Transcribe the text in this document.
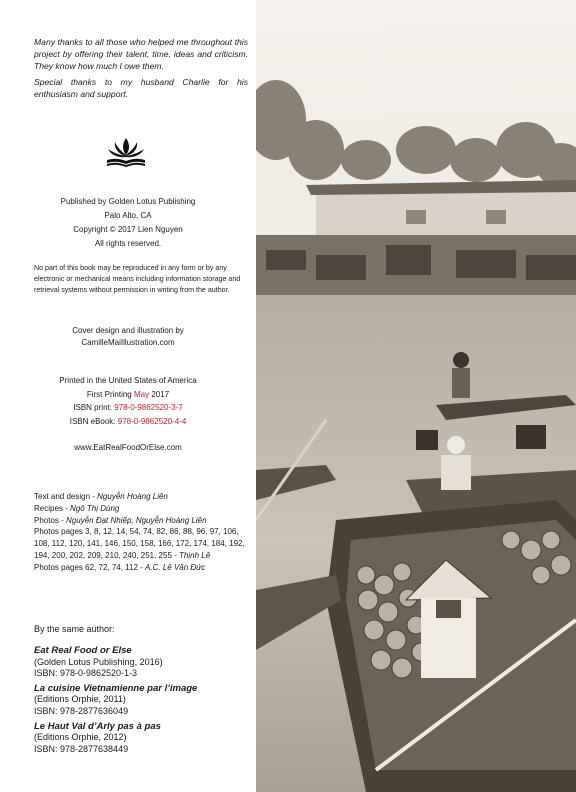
Many thanks to all those who helped me throughout this project by offering their talent, time, ideas and criticism. They know how much I owe them.

Special thanks to my husband Charlie for his enthusiasm and support.

Published by Golden Lotus Publishing
Palo Alto, CA
Copyright © 2017 Lien Nguyen
All rights reserved.
No part of this book may be reproduced in any form or by any electronic or mechanical means including information storage and retrieval systems without permission in writing from the author.
Cover design and illustration by
CamilleMaiIllustration.com
Printed in the United States of America
First Printing May 2017
ISBN print: 978-0-9862520-3-7
ISBN eBook: 978-0-9862520-4-4
www.EatRealFoodOrElse.com
Text and design - Nguyễn Hoàng Liên
Recipes - Ngô Thị Dùng
Photos - Nguyễn Đạt Nhiếp, Nguyễn Hoàng Liên
Photos pages 3, 8, 12, 14, 54, 74, 82, 86, 88, 96, 97, 106, 108, 112, 120, 141, 146, 150, 158, 166, 172, 174, 184, 192, 194, 200, 202, 209, 210, 240, 251, 255 - Thịnh Lê
Photos pages 62, 72, 74, 112 - A.C. Lê Văn Đức
By the same author:
Eat Real Food or Else
(Golden Lotus Publishing, 2016)
ISBN: 978-0-9862520-1-3
La cuisine Vietnamienne par l’image
(Editions Orphie, 2011)
ISBN: 978-2877636049
Le Haut Val d’Arly pas à pas
(Editions Orphie, 2012)
ISBN: 978-2877638449
